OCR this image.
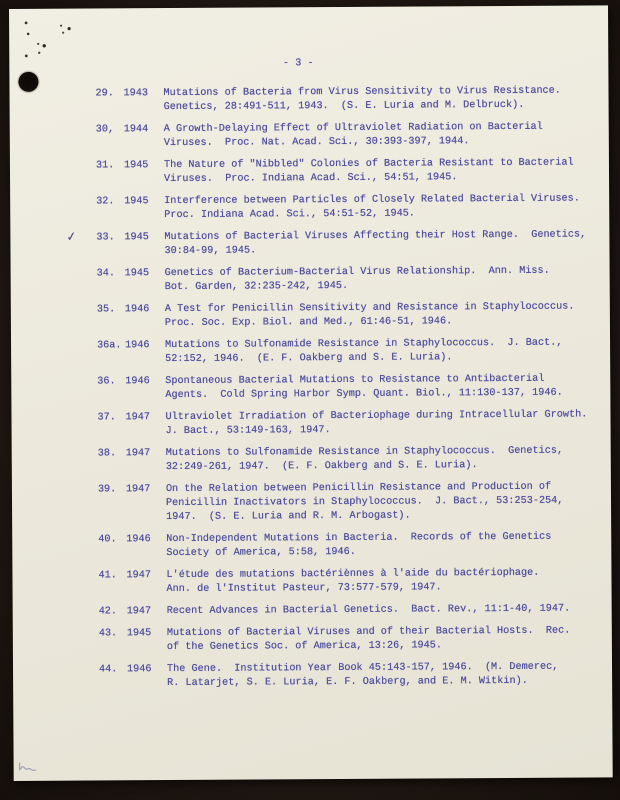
- 3 -
29. 1943	Mutations of Bacteria from Virus Sensitivity to Virus Resistance.
Genetics, 28:491-511, 1943.  (S. E. Luria and M. Delbruck).
30, 1944	A Growth-Delaying Effect of Ultraviolet Radiation on Bacterial
Viruses.  Proc. Nat. Acad. Sci., 30:393-397, 1944.
31. 1945	The Nature of "Nibbled" Colonies of Bacteria Resistant to Bacterial
Viruses.  Proc. Indiana Acad. Sci., 54:51, 1945.
32. 1945	Interference between Particles of Closely Related Bacterial Viruses.
Proc. Indiana Acad. Sci., 54:51-52, 1945.
✓ 33. 1945	Mutations of Bacterial Viruses Affecting their Host Range.  Genetics,
30:84-99, 1945.
34. 1945	Genetics of Bacterium-Bacterial Virus Relationship.  Ann. Miss.
Bot. Garden, 32:235-242, 1945.
35. 1946	A Test for Penicillin Sensitivity and Resistance in Staphylococcus.
Proc. Soc. Exp. Biol. and Med., 61:46-51, 1946.
36a. 1946	Mutations to Sulfonamide Resistance in Staphylococcus.  J. Bact.,
52:152, 1946.  (E. F. Oakberg and S. E. Luria).
36. 1946	Spontaneous Bacterial Mutations to Resistance to Antibacterial
Agents.  Cold Spring Harbor Symp. Quant. Biol., 11:130-137, 1946.
37. 1947	Ultraviolet Irradiation of Bacteriophage during Intracellular Growth.
J. Bact., 53:149-163, 1947.
38. 1947	Mutations to Sulfonamide Resistance in Staphylococcus.  Genetics,
32:249-261, 1947.  (E. F. Oakberg and S. E. Luria).
39. 1947	On the Relation between Penicillin Resistance and Production of
Penicillin Inactivators in Staphylococcus.  J. Bact., 53:253-254,
1947.  (S. E. Luria and R. M. Arbogast).
40. 1946	Non-Independent Mutations in Bacteria.  Records of the Genetics
Society of America, 5:58, 1946.
41. 1947	L'étude des mutations bactériènnes à l'aide du bactériophage.
Ann. de l'Institut Pasteur, 73:577-579, 1947.
42. 1947	Recent Advances in Bacterial Genetics.  Bact. Rev., 11:1-40, 1947.
43. 1945	Mutations of Bacterial Viruses and of their Bacterial Hosts.  Rec.
of the Genetics Soc. of America, 13:26, 1945.
44. 1946	The Gene.  Institution Year Book 45:143-157, 1946.  (M. Demerec,
R. Latarjet, S. E. Luria, E. F. Oakberg, and E. M. Witkin).
